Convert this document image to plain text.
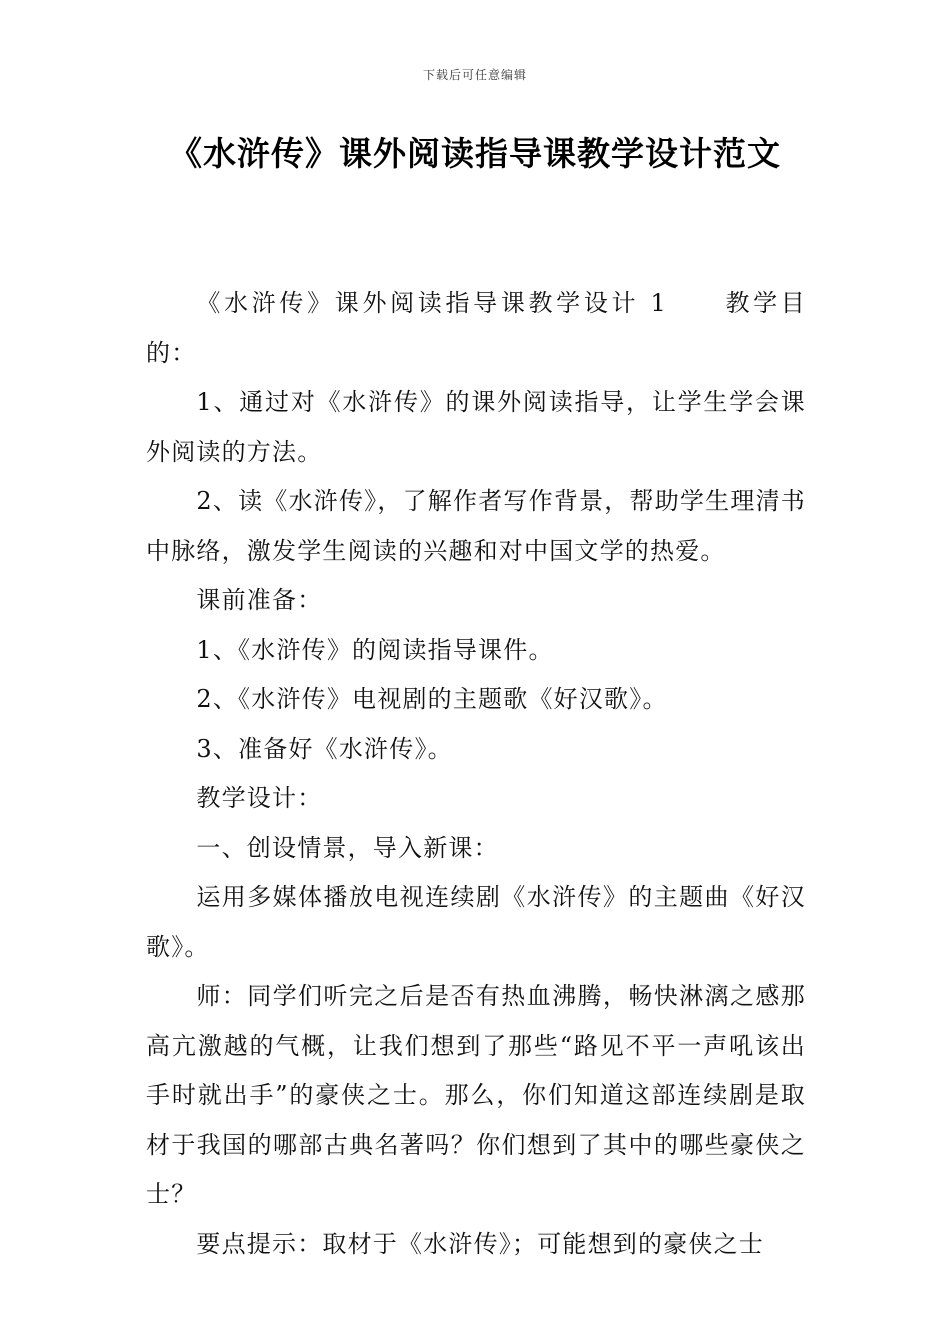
下载后可任意编辑
《水浒传》课外阅读指导课教学设计范文

《水浒传》课外阅读指导课教学设计 1 教学目的：

1、通过对《水浒传》的课外阅读指导，让学生学会课外阅读的方法。

2、读《水浒传》，了解作者写作背景，帮助学生理清书中脉络，激发学生阅读的兴趣和对中国文学的热爱。

课前准备：

1、《水浒传》的阅读指导课件。

2、《水浒传》电视剧的主题歌《好汉歌》。

3、准备好《水浒传》。

教学设计：

一、创设情景，导入新课：

运用多媒体播放电视连续剧《水浒传》的主题曲《好汉歌》。

师：同学们听完之后是否有热血沸腾，畅快淋漓之感那高亢激越的气概，让我们想到了那些“路见不平一声吼该出手时就出手”的豪侠之士。那么，你们知道这部连续剧是取材于我国的哪部古典名著吗？你们想到了其中的哪些豪侠之士？

要点提示：取材于《水浒传》；可能想到的豪侠之士
